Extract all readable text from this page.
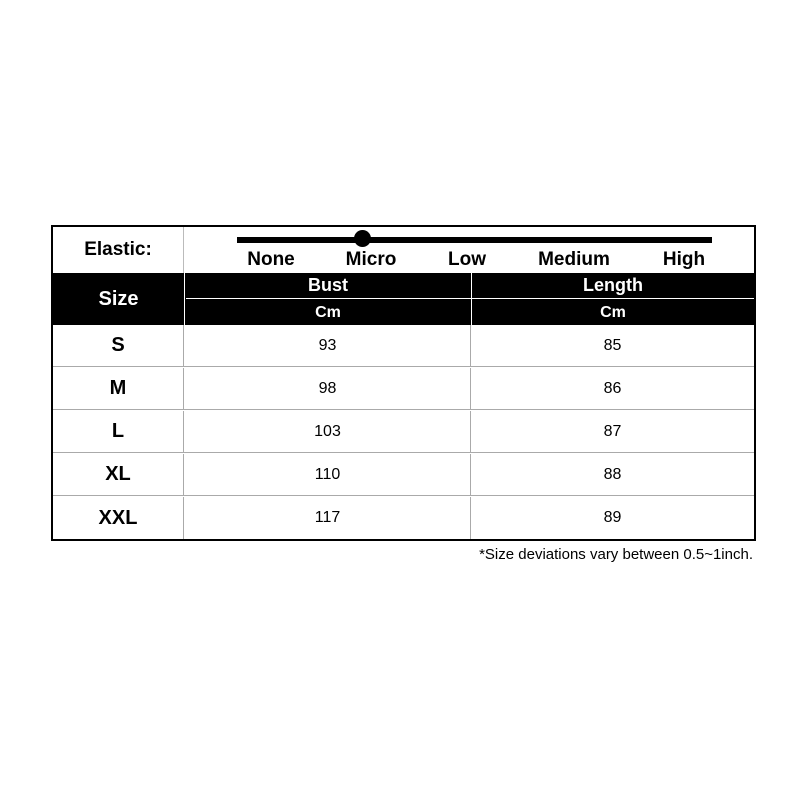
Elastic:	None	Micro	Low	Medium	High
Size
Bust	Length
Cm	Cm
S	93	85
M	98	86
L	103	87
XL	110	88
XXL	117	89
*Size deviations vary between 0.5~1inch.
